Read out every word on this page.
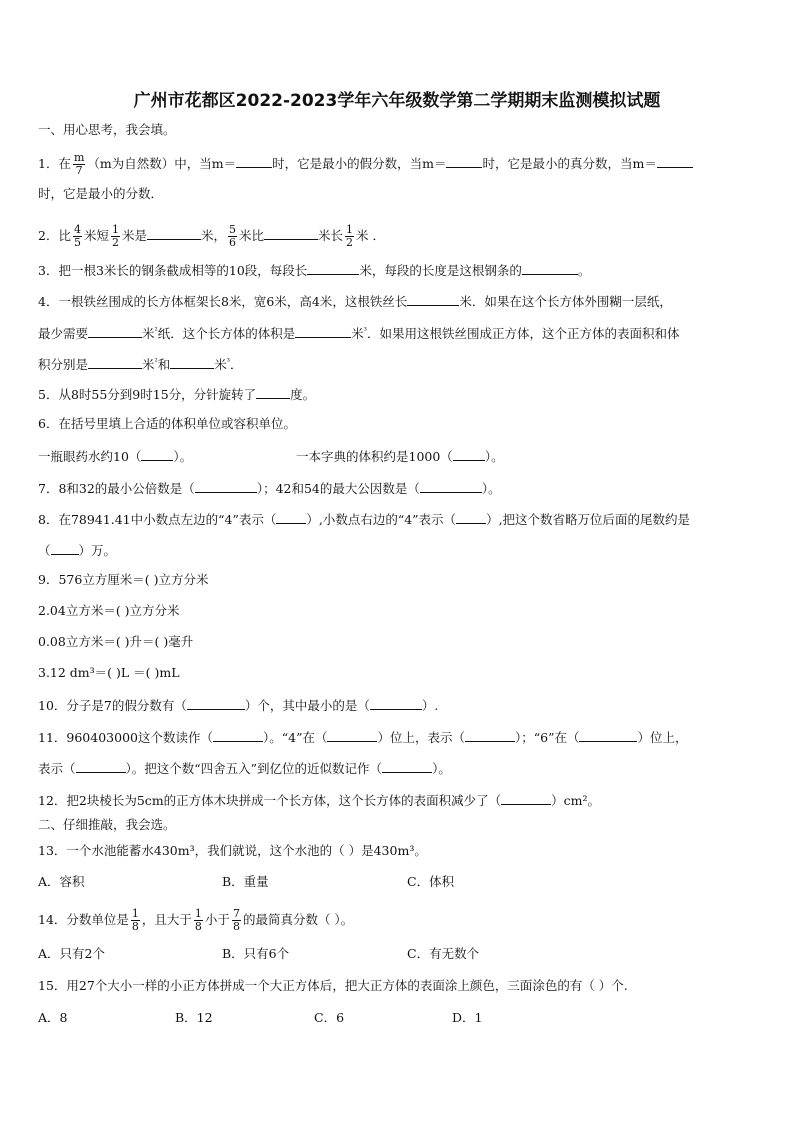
广州市花都区2022-2023学年六年级数学第二学期期末监测模拟试题
一、用心思考，我会填。
1．在 $\frac{m}{7} (m$为自然数）中，当m＝	时，它是最小的假分数，当m＝	时，它是最小的真分数，当m＝
时，它是最小的分数．
2．比 $\frac{4}{5}$ 米短 $\frac{1}{2}$ 米是	米， $\frac{5}{6}$ 米比	米长 $\frac{1}{2}$ 米 ．
3．把一根3米长的钢条截成相等的10段，每段长	米，每段的长度是这根钢条的	。
4．一根铁丝围成的长方体框架长8米，宽6米，高4米，这根铁丝长	米．如果在这个长方体外围糊一层纸，
最少需要	米$^{^2}$纸．这个长方体的体积是	米$^{^3}$．如果用这根铁丝围成正方体，这个正方体的表面积和体
积分别是	米$^{^2}$和	米$^{^3}$．
5．从8时55分到9时15分，分针旋转了	度。
6．在括号里填上合适的体积单位或容积单位。
一瓶眼药水约10（	）。	一本字典的体积约是1000（	）。
7．8和32的最小公倍数是（	）；42和54的最大公因数是（	）。
8．在78941.41中小数点左边的“4”表示（ ）,小数点右边的“4”表示（ ）,把这个数省略万位后面的尾数约是
（ ）万。
9．576立方厘米＝( )立方分米
2.04立方米＝( )立方分米
0.08立方米＝( )升＝( )毫升
3.12 dm³＝( )L ＝( )mL
10．分子是7的假分数有（	）个，其中最小的是（	）.
11．960403000这个数读作（	）。“4”在（	）位上，表示（	）；“6”在（	）位上，
表示（	）。把这个数“四舍五入”到亿位的近似数记作（	）。
12．把2块棱长为5cm的正方体木块拼成一个长方体，这个长方体的表面积减少了（	）cm²。
二、仔细推敲，我会选。
13．一个水池能蓄水430m³，我们就说，这个水池的（ ）是430m³。
A．容积	B．重量	C．体积
14．分数单位是 $\frac{1}{8}$ ，且大于 $\frac{1}{8}$ 小于 $\frac{7}{8}$ 的最简真分数（ ）。
A．只有2个	B．只有6个	C．有无数个
15．用27个大小一样的小正方体拼成一个大正方体后，把大正方体的表面涂上颜色，三面涂色的有（ ）个.
A．8	B．12	C．6	D．1
